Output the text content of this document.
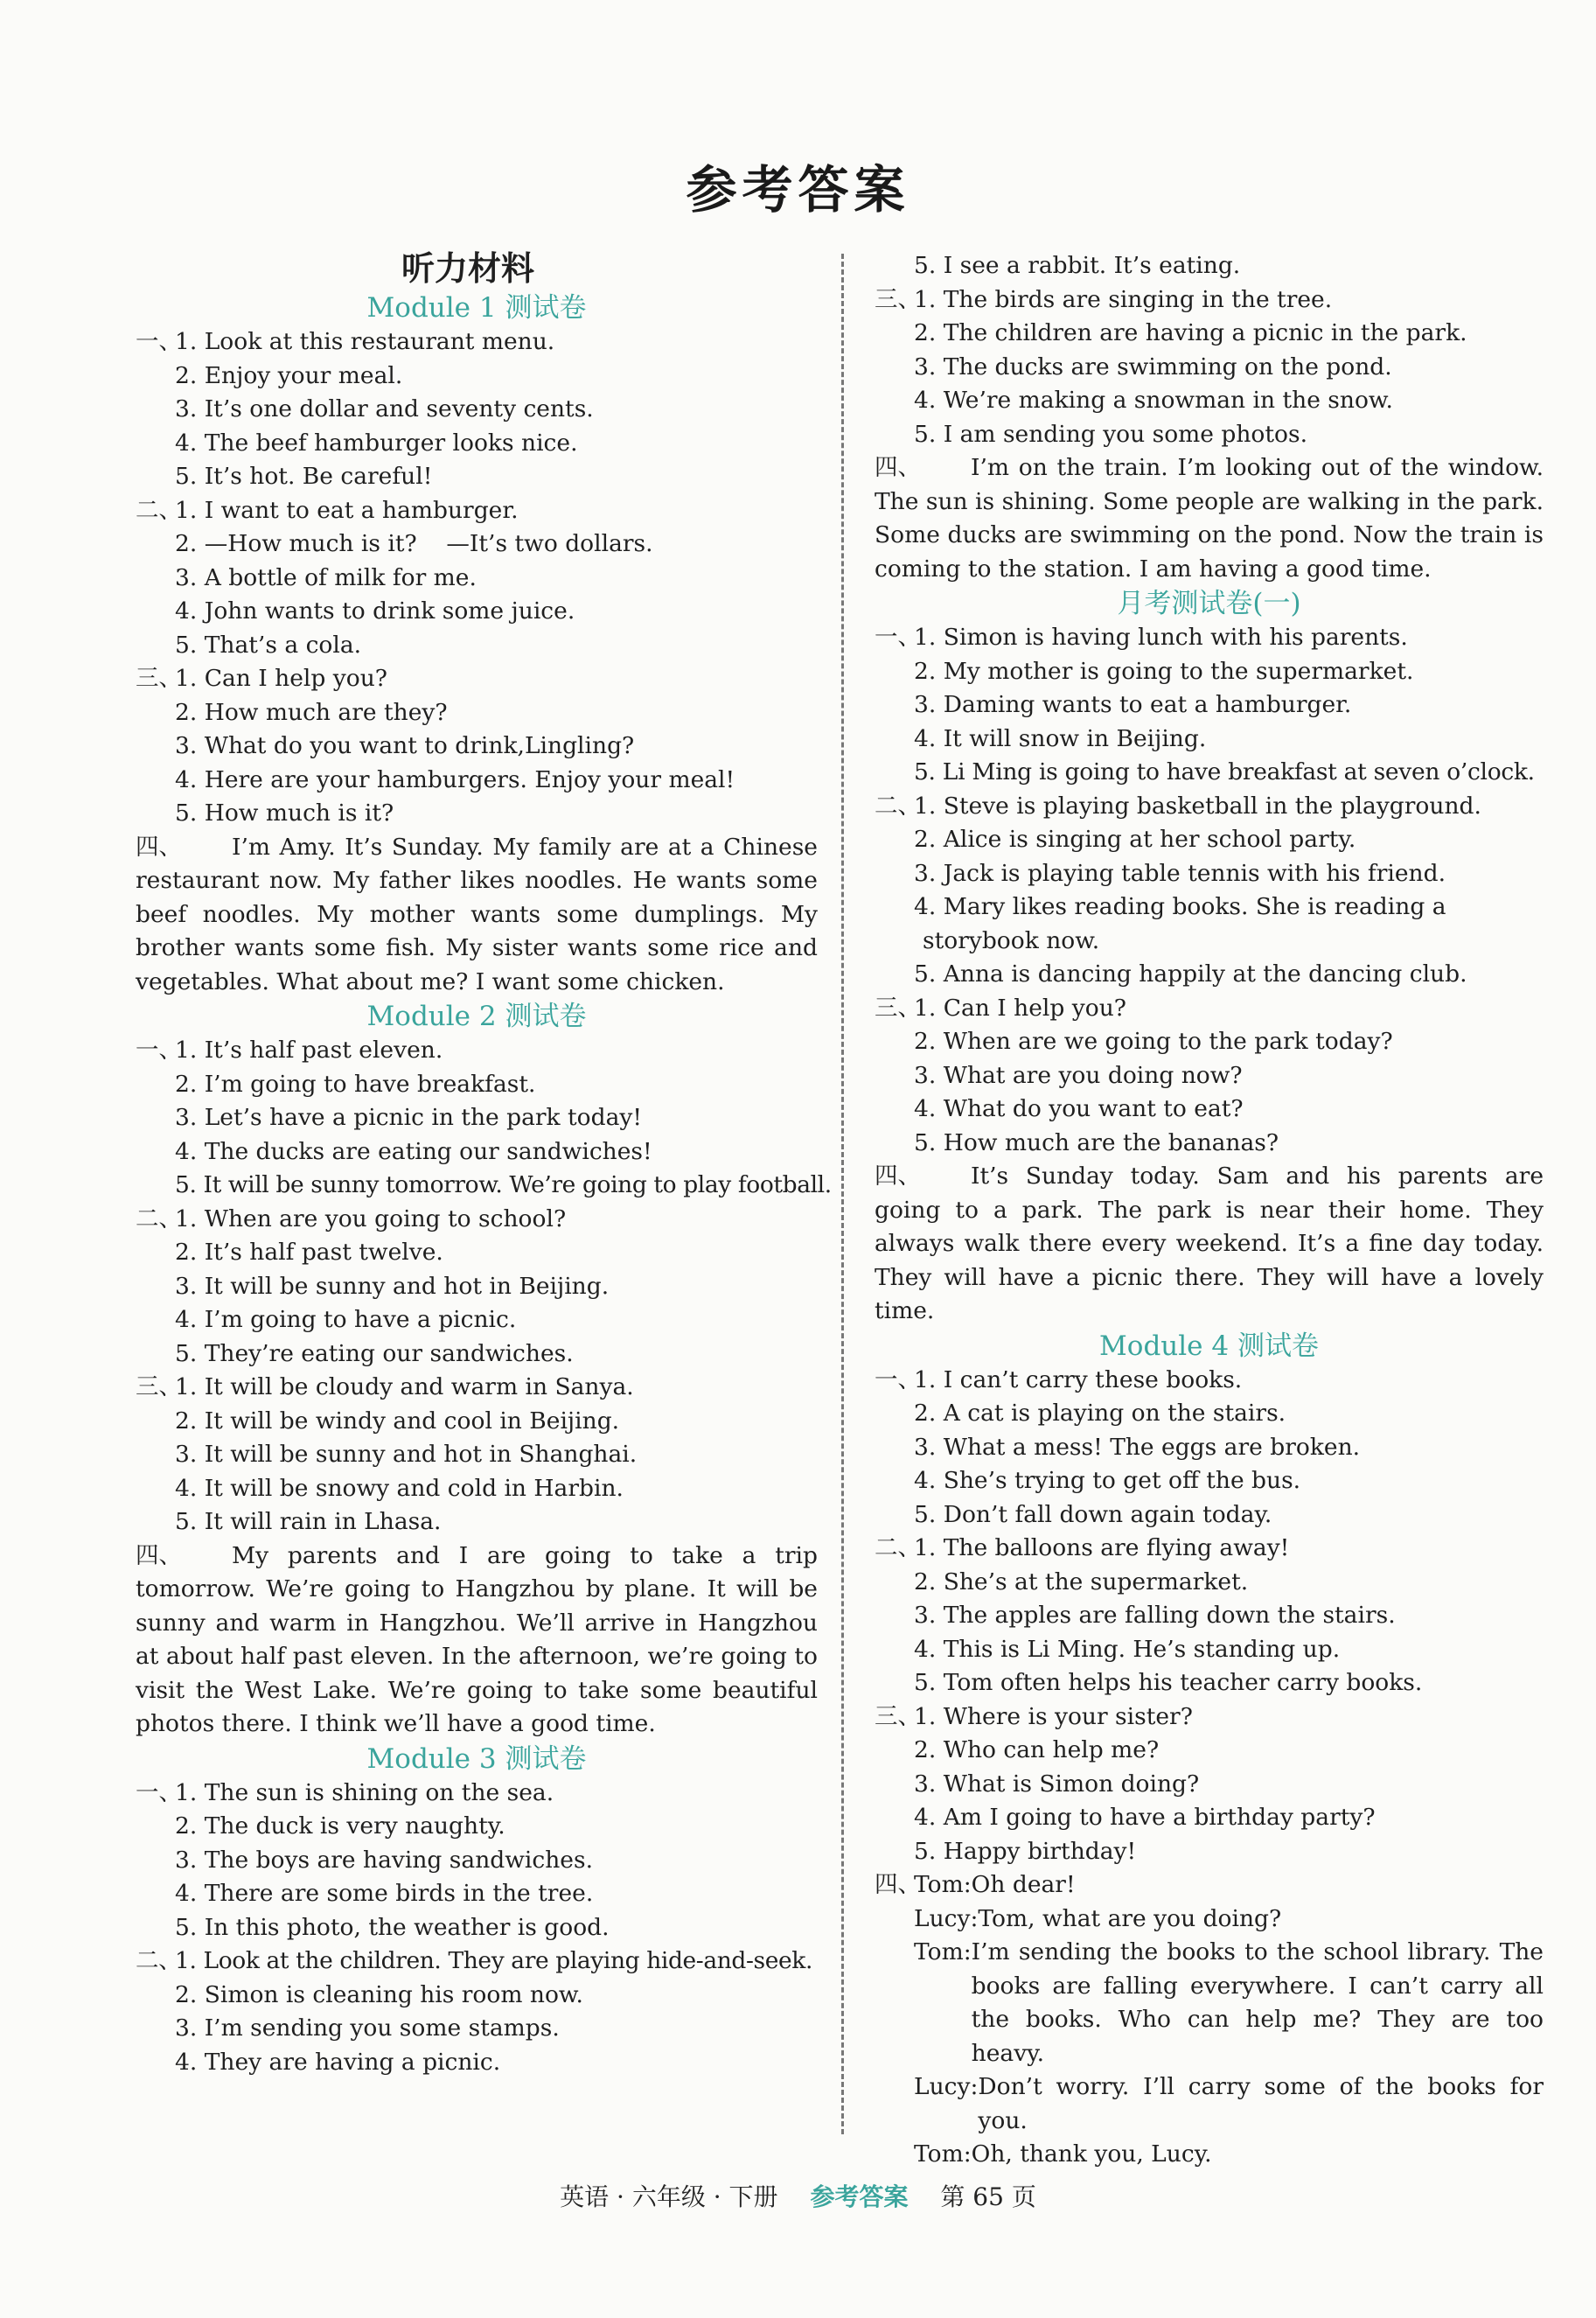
参考答案
听力材料
Module 1 测试卷
一、1. Look at this restaurant menu.
2. Enjoy your meal.
3. It’s one dollar and seventy cents.
4. The beef hamburger looks nice.
5. It’s hot. Be careful!
二、1. I want to eat a hamburger.
2. —How much is it?    —It’s two dollars.
3. A bottle of milk for me.
4. John wants to drink some juice.
5. That’s a cola.
三、1. Can I help you?
2. How much are they?
3. What do you want to drink,Lingling?
4. Here are your hamburgers. Enjoy your meal!
5. How much is it?
四、 I’m Amy. It’s Sunday. My family are at a Chinese restaurant now. My father likes noodles. He wants some beef noodles. My mother wants some dumplings. My brother wants some fish. My sister wants some rice and vegetables. What about me? I want some chicken.
Module 2 测试卷
一、1. It’s half past eleven.
2. I’m going to have breakfast.
3. Let’s have a picnic in the park today!
4. The ducks are eating our sandwiches!
5. It will be sunny tomorrow. We’re going to play football.
二、1. When are you going to school?
2. It’s half past twelve.
3. It will be sunny and hot in Beijing.
4. I’m going to have a picnic.
5. They’re eating our sandwiches.
三、1. It will be cloudy and warm in Sanya.
2. It will be windy and cool in Beijing.
3. It will be sunny and hot in Shanghai.
4. It will be snowy and cold in Harbin.
5. It will rain in Lhasa.
四、 My parents and I are going to take a trip tomorrow. We’re going to Hangzhou by plane. It will be sunny and warm in Hangzhou. We’ll arrive in Hangzhou at about half past eleven. In the afternoon, we’re going to visit the West Lake. We’re going to take some beautiful photos there. I think we’ll have a good time.
Module 3 测试卷
一、1. The sun is shining on the sea.
2. The duck is very naughty.
3. The boys are having sandwiches.
4. There are some birds in the tree.
5. In this photo, the weather is good.
二、1. Look at the children. They are playing hide-and-seek.
2. Simon is cleaning his room now.
3. I’m sending you some stamps.
4. They are having a picnic.
5. I see a rabbit. It’s eating.
三、1. The birds are singing in the tree.
2. The children are having a picnic in the park.
3. The ducks are swimming on the pond.
4. We’re making a snowman in the snow.
5. I am sending you some photos.
四、 I’m on the train. I’m looking out of the window. The sun is shining. Some people are walking in the park. Some ducks are swimming on the pond. Now the train is coming to the station. I am having a good time.
月考测试卷(一)
一、1. Simon is having lunch with his parents.
2. My mother is going to the supermarket.
3. Daming wants to eat a hamburger.
4. It will snow in Beijing.
5. Li Ming is going to have breakfast at seven o’clock.
二、1. Steve is playing basketball in the playground.
2. Alice is singing at her school party.
3. Jack is playing table tennis with his friend.
4. Mary likes reading books. She is reading a
storybook now.
5. Anna is dancing happily at the dancing club.
三、1. Can I help you?
2. When are we going to the park today?
3. What are you doing now?
4. What do you want to eat?
5. How much are the bananas?
四、 It’s Sunday today. Sam and his parents are going to a park. The park is near their home. They always walk there every weekend. It’s a fine day today. They will have a picnic there. They will have a lovely time.
Module 4 测试卷
一、1. I can’t carry these books.
2. A cat is playing on the stairs.
3. What a mess! The eggs are broken.
4. She’s trying to get off the bus.
5. Don’t fall down again today.
二、1. The balloons are flying away!
2. She’s at the supermarket.
3. The apples are falling down the stairs.
4. This is Li Ming. He’s standing up.
5. Tom often helps his teacher carry books.
三、1. Where is your sister?
2. Who can help me?
3. What is Simon doing?
4. Am I going to have a birthday party?
5. Happy birthday!
四、
Tom: Oh dear!
Lucy: Tom, what are you doing?
Tom: I’m sending the books to the school library. The books are falling everywhere. I can’t carry all the books. Who can help me? They are too heavy.
Lucy: Don’t worry. I’ll carry some of the books for you.
Tom: Oh, thank you, Lucy.
英语 · 六年级 · 下册 参考答案 第 65 页
